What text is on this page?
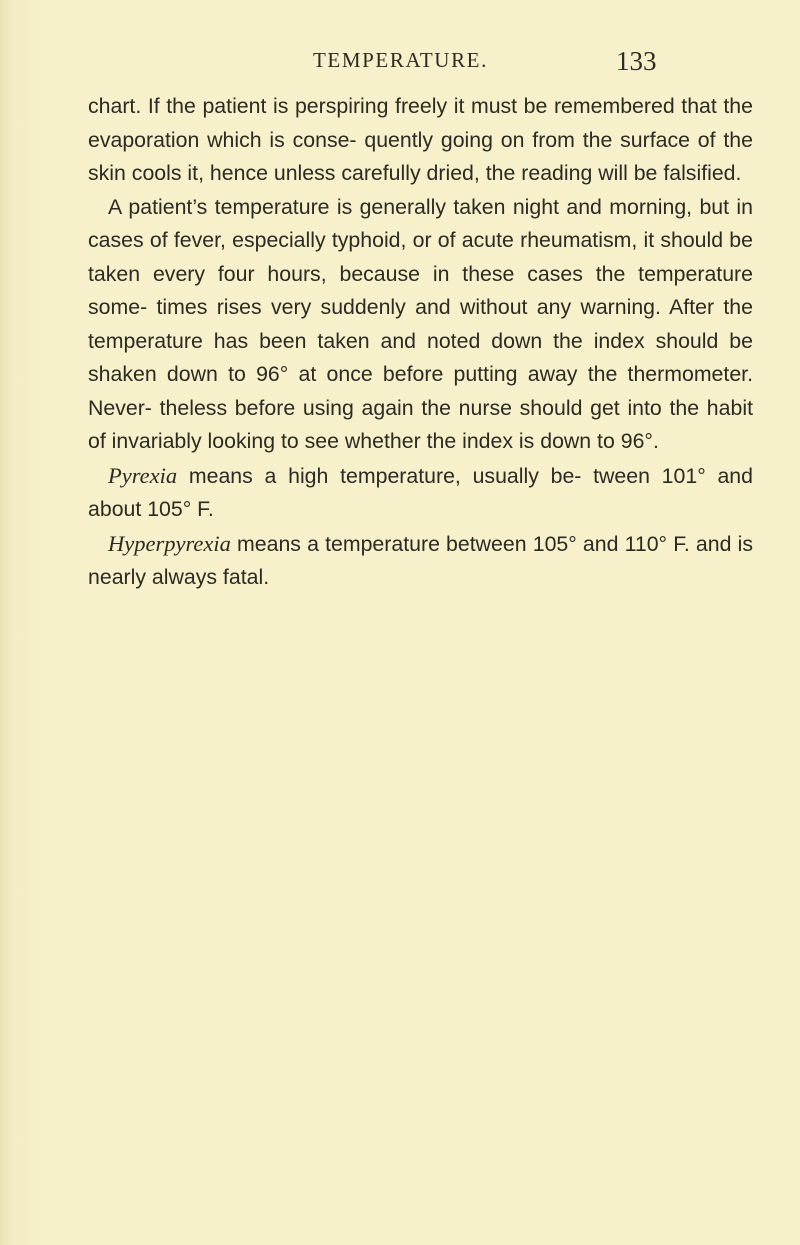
TEMPERATURE.	133

chart. If the patient is perspiring freely it must be remembered that the evaporation which is conse- quently going on from the surface of the skin cools it, hence unless carefully dried, the reading will be falsified.

A patient’s temperature is generally taken night and morning, but in cases of fever, especially typhoid, or of acute rheumatism, it should be taken every four hours, because in these cases the temperature some- times rises very suddenly and without any warning. After the temperature has been taken and noted down the index should be shaken down to 96° at once before putting away the thermometer. Never- theless before using again the nurse should get into the habit of invariably looking to see whether the index is down to 96°.

Pyrexia means a high temperature, usually be- tween 101° and about 105° F.

Hyperpyrexia means a temperature between 105° and 110° F. and is nearly always fatal.
